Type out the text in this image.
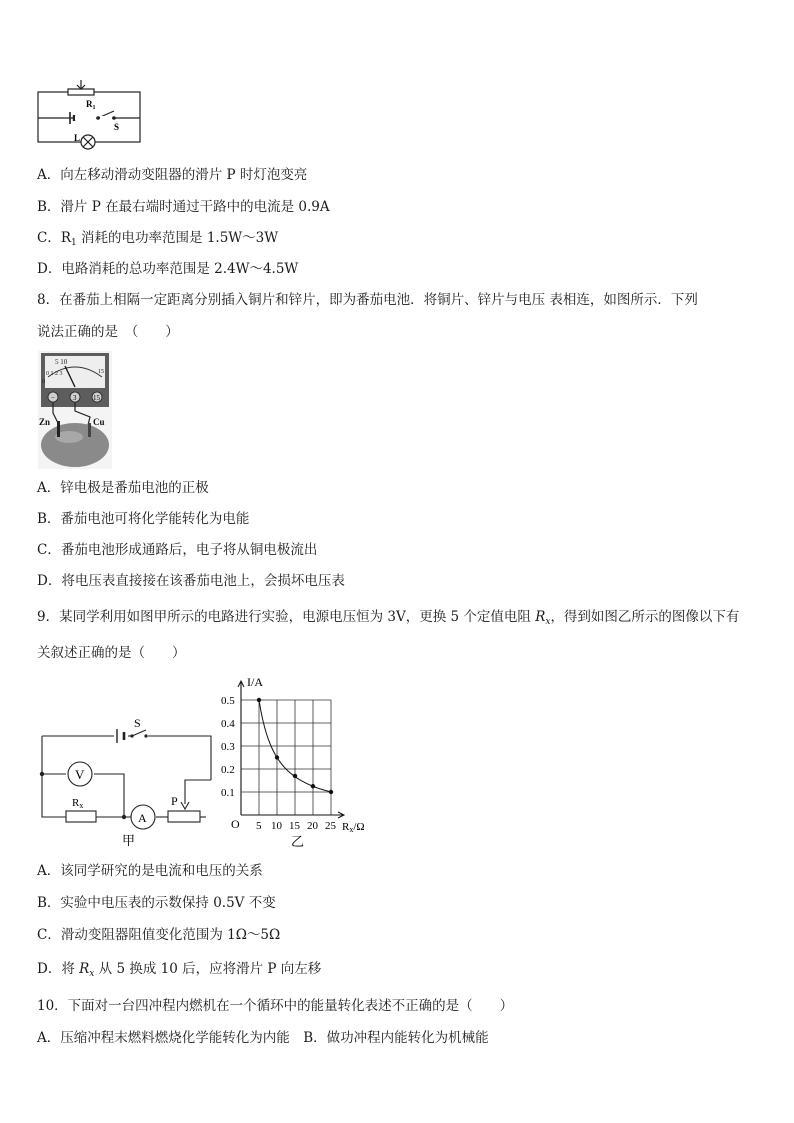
$R_1$
S
L
A．向左移动滑动变阻器的滑片 P 时灯泡变亮
B．滑片 P 在最右端时通过干路中的电流是 0.9A
C．$R_1$ 消耗的电功率范围是 1.5W～3W
D．电路消耗的总功率范围是 2.4W～4.5W
8．在番茄上相隔一定距离分别插入铜片和锌片，即为番茄电池．将铜片、锌片与电压 表相连，如图所示．下列
说法正确的是　（　　）
5 10
0 1 2 3
0
15
−	3 15
Zn	Cu
A．锌电极是番茄电池的正极
B．番茄电池可将化学能转化为电能
C．番茄电池形成通路后，电子将从铜电极流出
D．将电压表直接接在该番茄电池上，会损坏电压表
9．某同学利用如图甲所示的电路进行实验，电源电压恒为 3V，更换 5 个定值电阻 $R_x$，得到如图乙所示的图像以下有
关叙述正确的是（　　）
S
V
A
Rx	P
甲
0.1
0.2
0.3
0.4
0.5
5 10 15 20 25
O
I/A
Rx/Ω
乙
A．该同学研究的是电流和电压的关系
B．实验中电压表的示数保持 0.5V 不变
C．滑动变阻器阻值变化范围为 1Ω～5Ω
D．将 $R_x$ 从 5 换成 10 后，应将滑片 P 向左移
10．下面对一台四冲程内燃机在一个循环中的能量转化表述不正确的是（　　）
A．压缩冲程末燃料燃烧化学能转化为内能　B．做功冲程内能转化为机械能
